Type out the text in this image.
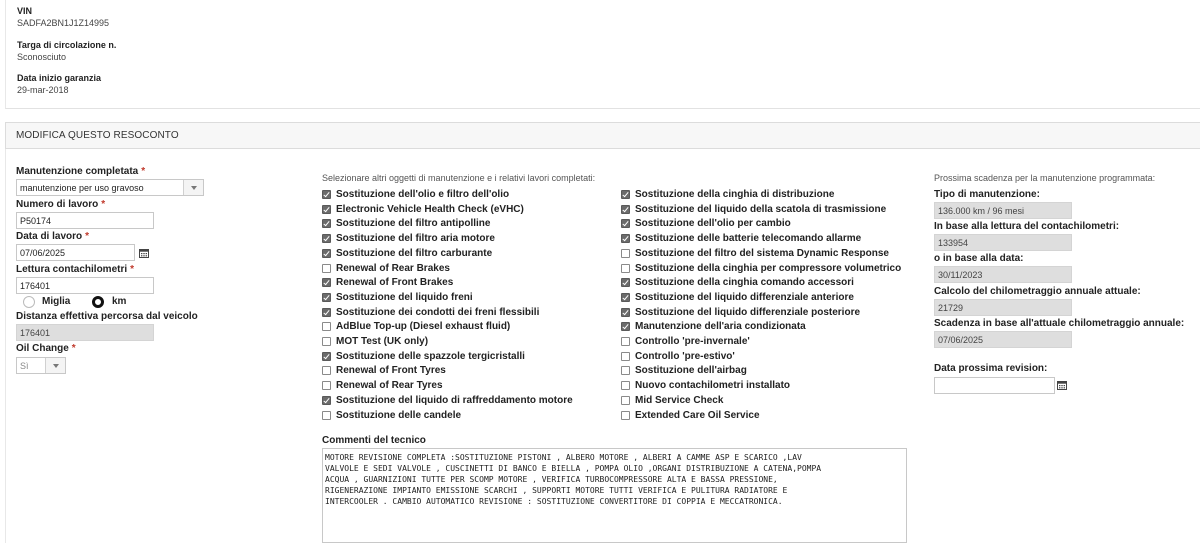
VIN
SADFA2BN1J1Z14995
Targa di circolazione n.
Sconosciuto
Data inizio garanzia
29-mar-2018
MODIFICA QUESTO RESOCONTO
Manutenzione completata *
manutenzione per uso gravoso
Numero di lavoro *
P50174
Data di lavoro *
07/06/2025
Lettura contachilometri *
176401
Miglia	km
Distanza effettiva percorsa dal veicolo
176401
Oil Change *
Sì
Selezionare altri oggetti di manutenzione e i relativi lavori completati:
Sostituzione dell'olio e filtro dell'olio
Electronic Vehicle Health Check (eVHC)
Sostituzione del filtro antipolline
Sostituzione del filtro aria motore
Sostituzione del filtro carburante
Renewal of Rear Brakes
Renewal of Front Brakes
Sostituzione del liquido freni
Sostituzione dei condotti dei freni flessibili
AdBlue Top-up (Diesel exhaust fluid)
MOT Test (UK only)
Sostituzione delle spazzole tergicristalli
Renewal of Front Tyres
Renewal of Rear Tyres
Sostituzione del liquido di raffreddamento motore
Sostituzione delle candele
Sostituzione della cinghia di distribuzione
Sostituzione del liquido della scatola di trasmissione
Sostituzione dell'olio per cambio
Sostituzione delle batterie telecomando allarme
Sostituzione del filtro del sistema Dynamic Response
Sostituzione della cinghia per compressore volumetrico
Sostituzione della cinghia comando accessori
Sostituzione del liquido differenziale anteriore
Sostituzione del liquido differenziale posteriore
Manutenzione dell'aria condizionata
Controllo 'pre-invernale'
Controllo 'pre-estivo'
Sostituzione dell'airbag
Nuovo contachilometri installato
Mid Service Check
Extended Care Oil Service
Commenti del tecnico
MOTORE REVISIONE COMPLETA :SOSTITUZIONE PISTONI , ALBERO MOTORE , ALBERI A CAMME ASP E SCARICO ,LAV
VALVOLE E SEDI VALVOLE , CUSCINETTI DI BANCO E BIELLA , POMPA OLIO ,ORGANI DISTRIBUZIONE A CATENA,POMPA
ACQUA , GUARNIZIONI TUTTE PER SCOMP MOTORE , VERIFICA TURBOCOMPRESSORE ALTA E BASSA PRESSIONE,
RIGENERAZIONE IMPIANTO EMISSIONE SCARCHI , SUPPORTI MOTORE TUTTI VERIFICA E PULITURA RADIATORE E
INTERCOOLER . CAMBIO AUTOMATICO REVISIONE : SOSTITUZIONE CONVERTITORE DI COPPIA E MECCATRONICA.
Prossima scadenza per la manutenzione programmata:
Tipo di manutenzione:
136.000 km / 96 mesi
In base alla lettura del contachilometri:
133954
o in base alla data:
30/11/2023
Calcolo del chilometraggio annuale attuale:
21729
Scadenza in base all'attuale chilometraggio annuale:
07/06/2025
Data prossima revision:
